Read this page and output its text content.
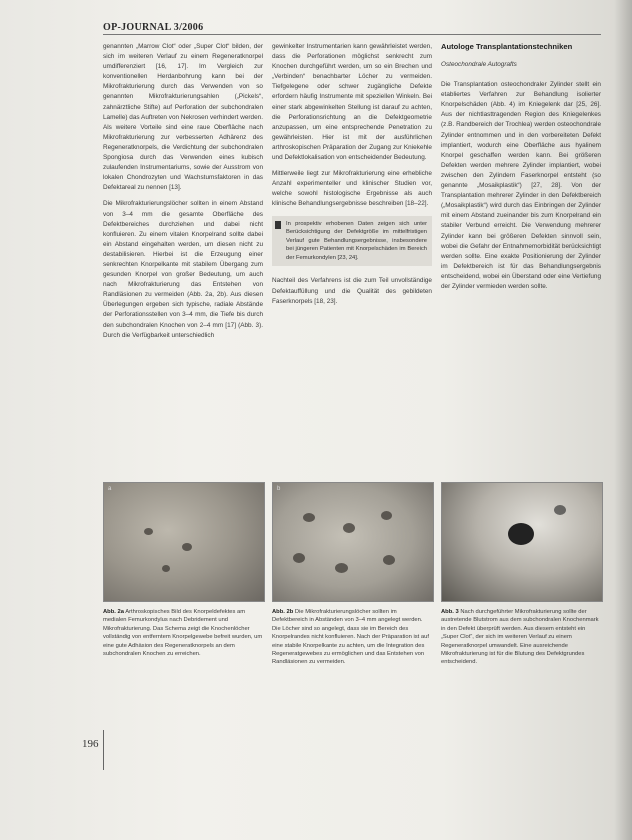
OP-JOURNAL 3/2006

genannten „Marrow Clot“ oder „Super Clot“ bilden, der sich im weiteren Verlauf zu einem Regeneratknorpel umdifferenziert [16, 17]. Im Vergleich zur konventionellen Herdanbohrung kann bei der Mikrofrakturierung durch das Verwenden von so genannten Mikrofrakturierungsahlen („Pickels“, zahnärztliche Stifte) auf Perforation der subchondralen Lamelle) das Auftreten von Nekrosen verhindert werden. Als weitere Vorteile sind eine raue Oberfläche nach Mikrofrakturierung zur verbesserten Adhärenz des Regeneratknorpels, die Verdichtung der subchondralen Spongiosa durch das Verwenden eines kubisch zulaufenden Instrumentariums, sowie der Ausstrom von lokalen Chondrozyten und Wachstumsfaktoren in das Defektareal zu nennen [13].

Die Mikrofrakturierungslöcher sollten in einem Abstand von 3–4 mm die gesamte Oberfläche des Defektbereiches durchziehen und dabei nicht konfluieren. Zu einem vitalen Knorpelrand sollte dabei ein Abstand eingehalten werden, um diesen nicht zu destabilisieren. Hierbei ist die Erzeugung einer senkrechten Knorpelkante mit stabilem Übergang zum gesunden Knorpel von großer Bedeutung, um auch nach Mikrofrakturierung das Entstehen von Randläsionen zu vermeiden (Abb. 2a, 2b). Aus diesen Überlegungen ergeben sich typische, radiale Abstände der Perforationsstellen von 3–4 mm, die Tiefe bis durch den subchondralen Knochen von 2–4 mm [17] (Abb. 3). Durch die Verfügbarkeit unterschiedlich

gewinkelter Instrumentarien kann gewährleistet werden, dass die Perforationen möglichst senkrecht zum Knochen durchgeführt werden, um so ein Brechen und „Verbinden“ benachbarter Löcher zu vermeiden. Tiefgelegene oder schwer zugängliche Defekte erfordern häufig Instrumente mit speziellen Winkeln. Bei einer stark abgewinkelten Stellung ist darauf zu achten, die Perforationsrichtung an die Defektgeometrie anzupassen, um eine entsprechende Penetration zu gewährleisten. Hier ist mit der ausführlichen arthroskopischen Präparation der Zugang zur Kniekehle und Defektlokalisation von entscheidender Bedeutung.

Mittlerweile liegt zur Mikrofrakturierung eine erhebliche Anzahl experimenteller und klinischer Studien vor, welche sowohl histologische Ergebnisse als auch klinische Behandlungsergebnisse beschreiben [18–22].

In prospektiv erhobenen Daten zeigen sich unter Berücksichtigung der Defektgröße im mittelfristigen Verlauf gute Behandlungsergebnisse, insbesondere bei jüngeren Patienten mit Knorpelschäden im Bereich der Femurkondylen [23, 24].

Nachteil des Verfahrens ist die zum Teil unvollständige Defektauffüllung und die Qualität des gebildeten Faserknorpels [18, 23].

Autologe Transplantationstechniken
Osteochondrale Autografts

Die Transplantation osteochondraler Zylinder stellt ein etabliertes Verfahren zur Behandlung isolierter Knorpelschäden (Abb. 4) im Kniegelenk dar [25, 26]. Aus der nichtlasttragenden Region des Kniegelenkes (z.B. Randbereich der Trochlea) werden osteochondrale Zylinder entnommen und in den vorbereiteten Defekt implantiert, wodurch eine Oberfläche aus hyalinem Knorpel geschaffen werden kann. Bei größeren Defekten werden mehrere Zylinder implantiert, wobei zwischen den Zylindern Faserknorpel entsteht (so genannte „Mosaikplastik“) [27, 28]. Von der Transplantation mehrerer Zylinder in den Defektbereich („Mosaikplastik“) wird durch das Einbringen der Zylinder mit einem Abstand zueinander bis zum Knorpelrand ein stabiler Verbund erreicht. Die Verwendung mehrerer Zylinder kann bei größeren Defekten sinnvoll sein, wobei die Gefahr der Entnahmemorbidität berücksichtigt werden sollte. Eine exakte Positionierung der Zylinder im Defektbereich ist für das Behandlungsergebnis entscheidend, wobei ein Überstand oder eine Vertiefung der Zylinder vermieden werden sollte.

a	b
Abb. 2a Arthroskopisches Bild des Knorpeldefektes am medialen Femurkondylus nach Debridement und Mikrofrakturierung. Das Schema zeigt die Knochenlöcher vollständig von entferntem Knorpelgewebe befreit wurden, um eine gute Adhäsion des Regeneratknorpels an dem subchondralen Knochen zu erreichen.
Abb. 2b Die Mikrofrakturierungslöcher sollten im Defektbereich in Abständen von 3–4 mm angelegt werden. Die Löcher sind so angelegt, dass sie im Bereich des Knorpelrandes nicht konfluieren. Nach der Präparation ist auf eine stabile Knorpelkante zu achten, um die Integration des Regeneratgewebes zu ermöglichen und das Entstehen von Randläsionen zu vermeiden.
Abb. 3 Nach durchgeführter Mikrofrakturierung sollte der austretende Blutstrom aus dem subchondralen Knochenmark in den Defekt überprüft werden. Aus diesem entsteht ein „Super Clot“, der sich im weiteren Verlauf zu einem Regeneratknorpel umwandelt. Eine ausreichende Mikrofrakturierung ist für die Blutung des Defektgrundes entscheidend.
196
